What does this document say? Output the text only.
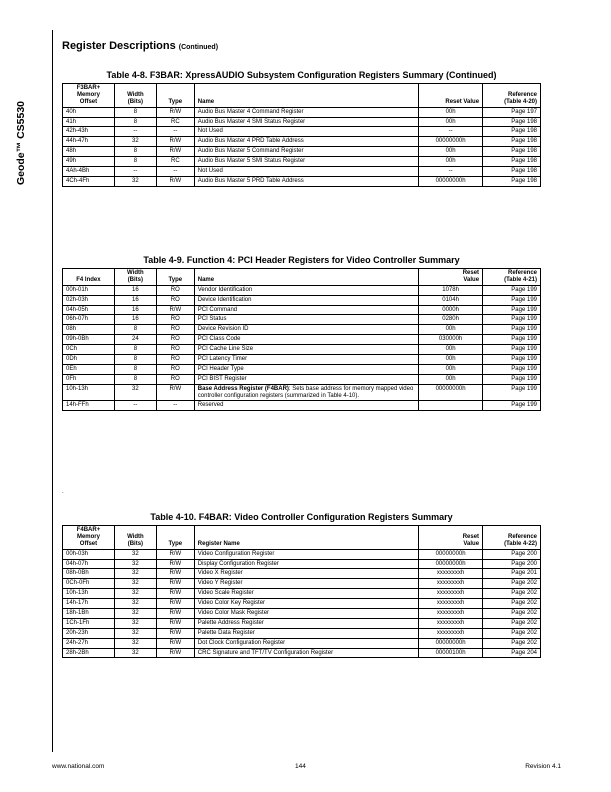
Geode™ CS5530
Register Descriptions (Continued)
Table 4-8. F3BAR: XpressAUDIO Subsystem Configuration Registers Summary (Continued)
F3BAR+
Memory
Offset	Width
(Bits)	Type	Name	Reset Value	Reference
(Table 4-20)
40h	8	R/W	Audio Bus Master 4 Command Register	00h	Page 197
41h	8	RC	Audio Bus Master 4 SMI Status Register	00h	Page 198
42h-43h	--	--	Not Used	--	Page 198
44h-47h	32	R/W	Audio Bus Master 4 PRD Table Address	00000000h	Page 198
48h	8	R/W	Audio Bus Master 5 Command Register	00h	Page 198
49h	8	RC	Audio Bus Master 5 SMI Status Register	00h	Page 198
4Ah-4Bh	--	--	Not Used	--	Page 198
4Ch-4Fh	32	R/W	Audio Bus Master 5 PRD Table Address	00000000h	Page 198
Table 4-9. Function 4: PCI Header Registers for Video Controller Summary
F4 Index	Width
(Bits)	Type	Name	Reset
Value	Reference
(Table 4-21)
00h-01h	16	RO	Vendor Identification	1078h	Page 199
02h-03h	16	RO	Device Identification	0104h	Page 199
04h-05h	16	R/W	PCI Command	0000h	Page 199
06h-07h	16	RO	PCI Status	0280h	Page 199
08h	8	RO	Device Revision ID	00h	Page 199
09h-0Bh	24	RO	PCI Class Code	030000h	Page 199
0Ch	8	RO	PCI Cache Line Size	00h	Page 199
0Dh	8	RO	PCI Latency Timer	00h	Page 199
0Eh	8	RO	PCI Header Type	00h	Page 199
0Fh	8	RO	PCI BIST Register	00h	Page 199
10h-13h	32	R/W	Base Address Register (F4BAR): Sets base address for memory mapped video controller configuration registers (summarized in Table 4-10).	00000000h	Page 199
14h-FFh	--	--	Reserved		Page 199
.
Table 4-10. F4BAR: Video Controller Configuration Registers Summary
F4BAR+
Memory
Offset	Width
(Bits)	Type	Register Name	Reset
Value	Reference
(Table 4-22)
00h-03h	32	R/W	Video Configuration Register	00000000h	Page 200
04h-07h	32	R/W	Display Configuration Register	00000000h	Page 200
08h-0Bh	32	R/W	Video X Register	xxxxxxxxh	Page 201
0Ch-0Fh	32	R/W	Video Y Register	xxxxxxxxh	Page 202
10h-13h	32	R/W	Video Scale Register	xxxxxxxxh	Page 202
14h-17h	32	R/W	Video Color Key Register	xxxxxxxxh	Page 202
18h-1Bh	32	R/W	Video Color Mask Register	xxxxxxxxh	Page 202
1Ch-1Fh	32	R/W	Palette Address Register	xxxxxxxxh	Page 202
20h-23h	32	R/W	Palette Data Register	xxxxxxxxh	Page 202
24h-27h	32	R/W	Dot Clock Configuration Register	00000000h	Page 202
28h-2Bh	32	R/W	CRC Signature and TFT/TV Configuration Register	00000100h	Page 204
www.national.com	144	Revision 4.1
